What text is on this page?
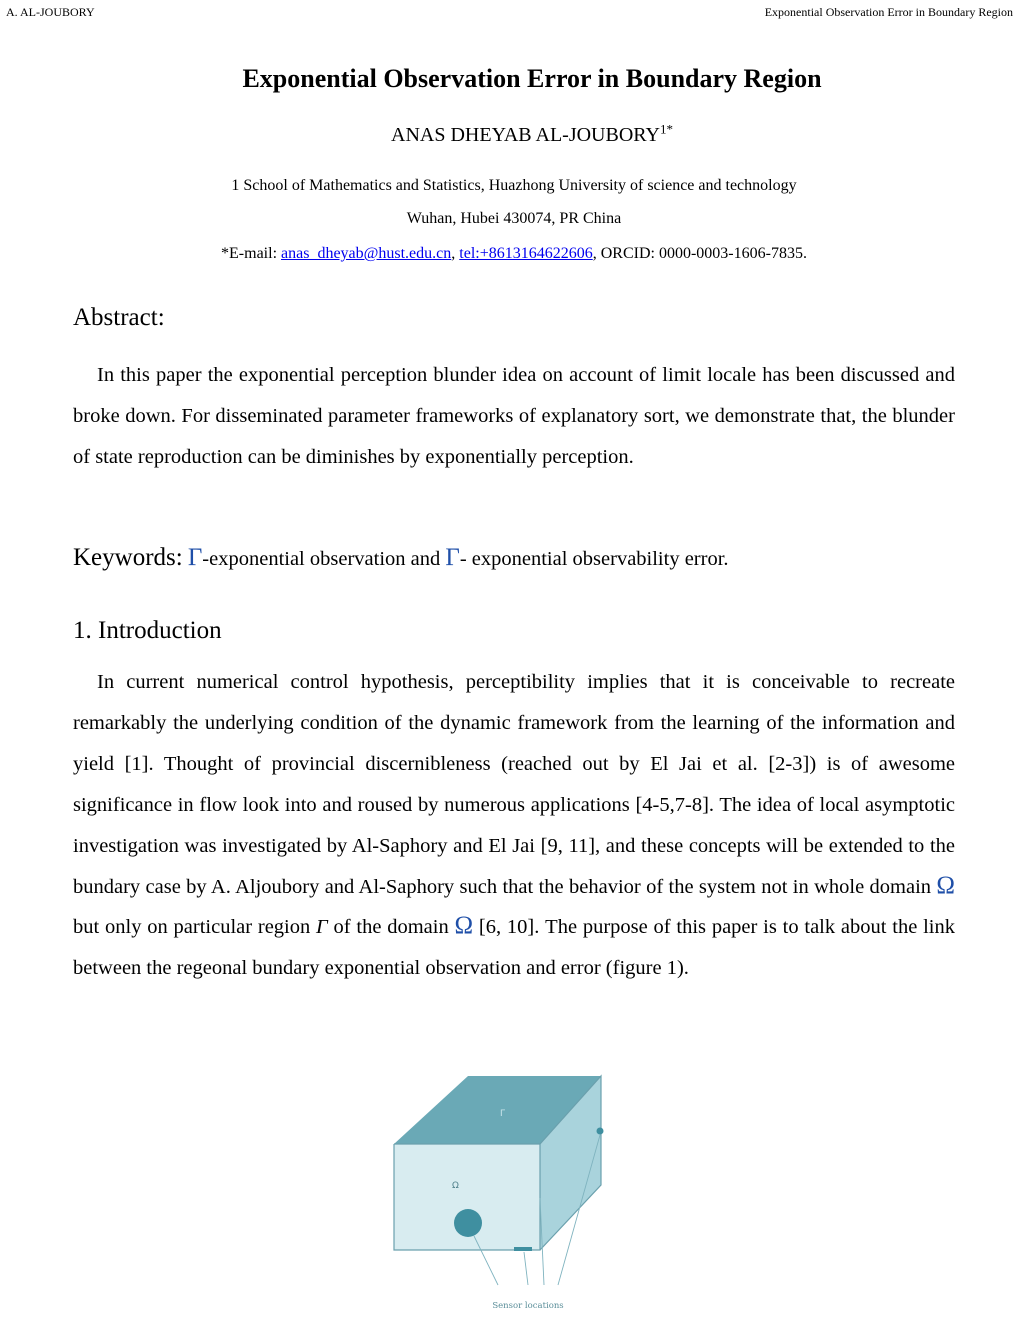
A. AL-JOUBORY	Exponential Observation Error in Boundary Region
Exponential Observation Error in Boundary Region
ANAS DHEYAB $AL-JOUBORY^{1*}$
1 School of Mathematics and Statistics, Huazhong University of science and technology
Wuhan, Hubei 430074, PR China
*E-mail: anas_dheyab@hust.edu.cn, tel:+8613164622606, ORCID: 0000-0003-1606-7835.
Abstract:
In this paper the exponential perception blunder idea on account of limit locale has been discussed and broke down. For disseminated parameter frameworks of explanatory sort, we demonstrate that, the blunder of state reproduction can be diminishes by exponentially perception.
Keywords: Γ-exponential observation and Γ- exponential observability error.
1. Introduction
In current numerical control hypothesis, perceptibility implies that it is conceivable to recreate remarkably the underlying condition of the dynamic framework from the learning of the information and yield [1]. Thought of provincial discernibleness (reached out by El Jai et al. [2-3]) is of awesome significance in flow look into and roused by numerous applications [4-5,7-8]. The idea of local asymptotic investigation was investigated by Al-Saphory and El Jai [9, 11], and these concepts will be extended to the bundary case by A. Aljoubory and Al-Saphory such that the behavior of the system not in whole domain Ω but only on particular region Γ of the domain Ω [6, 10]. The purpose of this paper is to talk about the link between the regeonal bundary exponential observation and error (figure 1).
Γ
Ω
Sensor locations
